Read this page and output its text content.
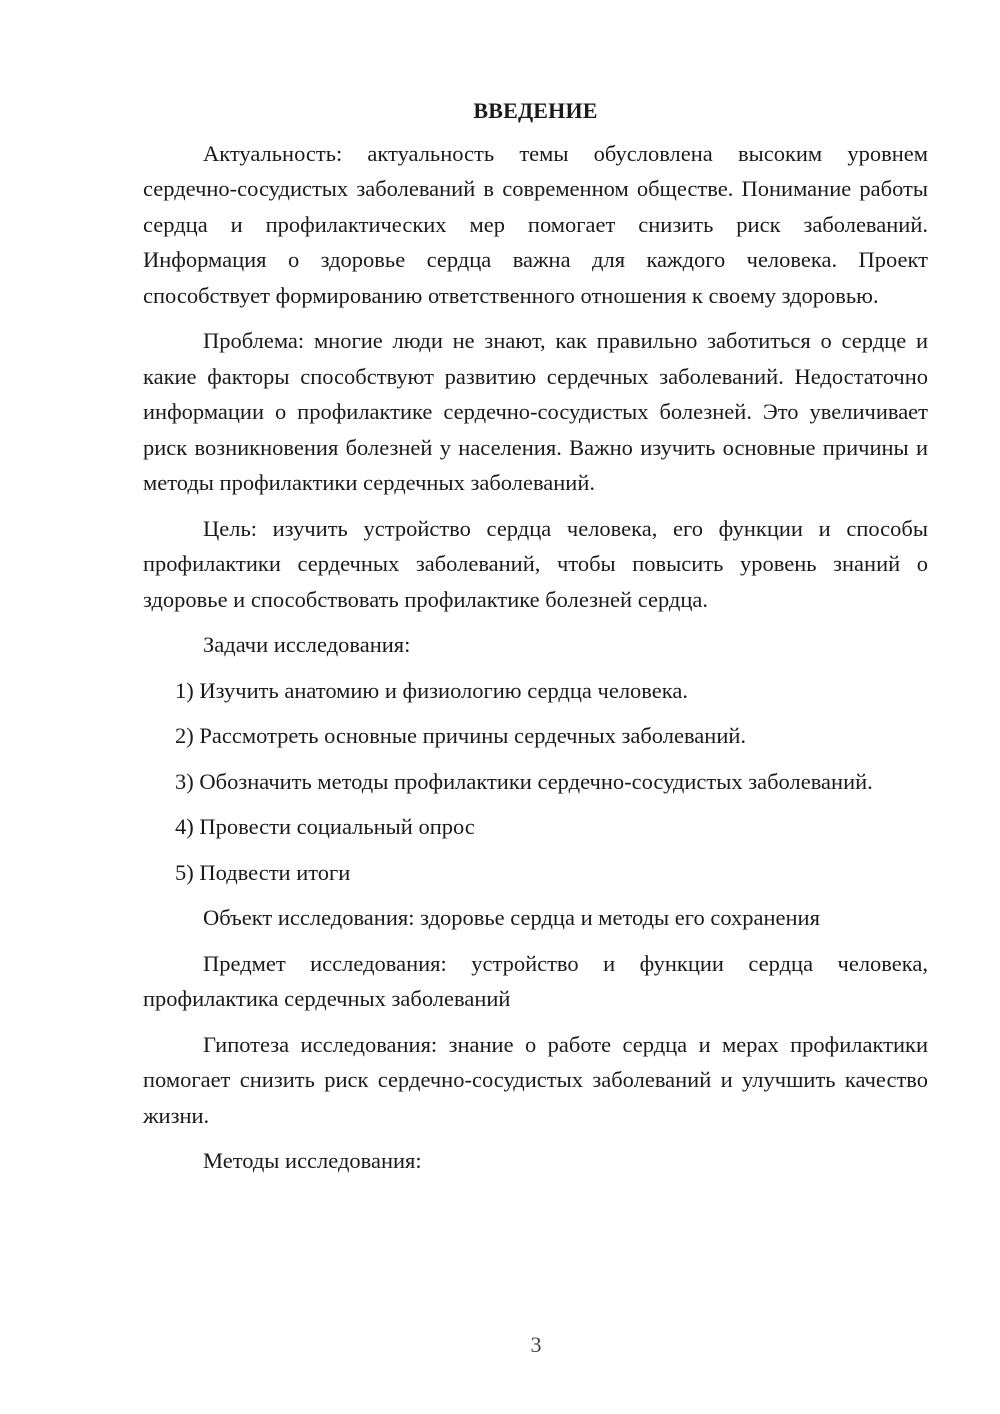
ВВЕДЕНИЕ

Актуальность: актуальность темы обусловлена высоким уровнем сердечно-сосудистых заболеваний в современном обществе. Понимание работы сердца и профилактических мер помогает снизить риск заболеваний. Информация о здоровье сердца важна для каждого человека. Проект способствует формированию ответственного отношения к своему здоровью.

Проблема: многие люди не знают, как правильно заботиться о сердце и какие факторы способствуют развитию сердечных заболеваний. Недостаточно информации о профилактике сердечно-сосудистых болезней. Это увеличивает риск возникновения болезней у населения. Важно изучить основные причины и методы профилактики сердечных заболеваний.

Цель: изучить устройство сердца человека, его функции и способы профилактики сердечных заболеваний, чтобы повысить уровень знаний о здоровье и способствовать профилактике болезней сердца.

Задачи исследования:

1) Изучить анатомию и физиологию сердца человека.

2) Рассмотреть основные причины сердечных заболеваний.

3) Обозначить методы профилактики сердечно-сосудистых заболеваний.

4) Провести социальный опрос

5) Подвести итоги

Объект исследования: здоровье сердца и методы его сохранения

Предмет исследования: устройство и функции сердца человека, профилактика сердечных заболеваний

Гипотеза исследования: знание о работе сердца и мерах профилактики помогает снизить риск сердечно-сосудистых заболеваний и улучшить качество жизни.

Методы исследования:

3
